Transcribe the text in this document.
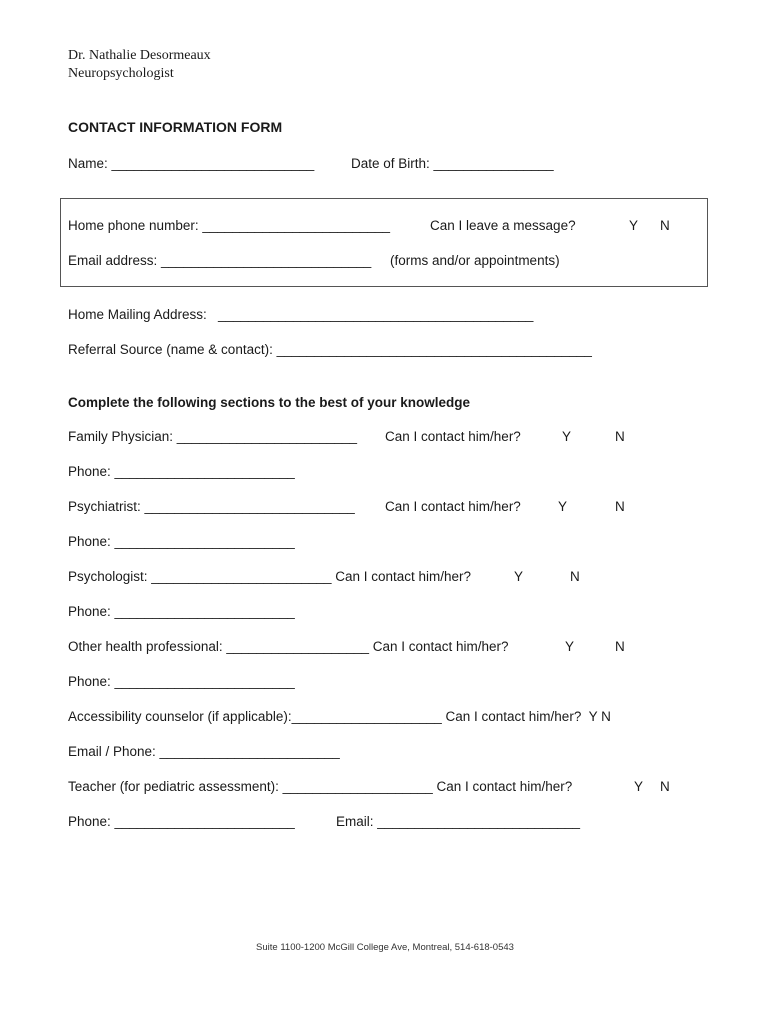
Dr. Nathalie Desormeaux
Neuropsychologist
CONTACT INFORMATION FORM
Name: ___________________________	Date of Birth: ________________
Home phone number: _________________________	Can I leave a message?	Y N
Email address: ____________________________ (forms and/or appointments)
Home Mailing Address:   __________________________________________
Referral Source (name & contact): __________________________________________
Complete the following sections to the best of your knowledge
Family Physician: ________________________ Can I contact him/her?	Y	N
Phone: ________________________
Psychiatrist: ____________________________ Can I contact him/her?	Y	N
Phone: ________________________
Psychologist: ________________________ Can I contact him/her?	Y	N
Phone: ________________________
Other health professional: ___________________ Can I contact him/her?	Y	N
Phone: ________________________
Accessibility counselor (if applicable):____________________ Can I contact him/her?  Y N
Email / Phone: ________________________
Teacher (for pediatric assessment): ____________________ Can I contact him/her?	Y N
Phone: ________________________	Email: ___________________________
Suite 1100-1200 McGill College Ave, Montreal, 514-618-0543
